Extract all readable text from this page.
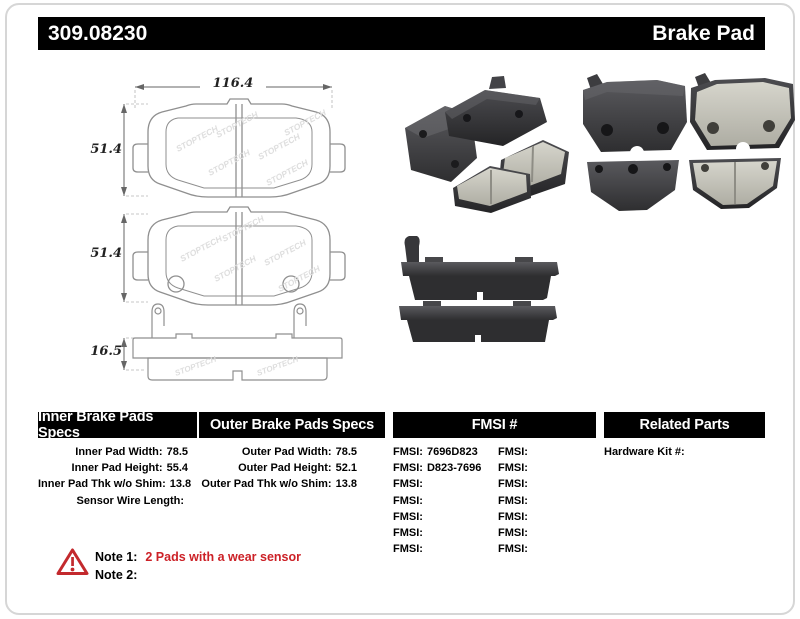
309.08230	Brake Pad
STOPTECH
STOPTECH
STOPTECH
STOPTECH
STOPTECH
STOPTECH
STOPTECH
STOPTECH
STOPTECH
STOPTECH
STOPTECH
STOPTECH	STOPTECH
116.4
51.4
51.4
16.5
Inner Brake Pads Specs	Outer Brake Pads Specs	FMSI #	Related Parts
Inner Pad Width: 78.5
Inner Pad Height: 55.4
Inner Pad Thk w/o Shim: 13.8
Sensor Wire Length:
Outer Pad Width: 78.5
Outer Pad Height: 52.1
Outer Pad Thk w/o Shim: 13.8
FMSI: 7696D823
FMSI: D823-7696
FMSI:
FMSI:
FMSI:
FMSI:
FMSI:
FMSI:
FMSI:
FMSI:
FMSI:
FMSI:
FMSI:
FMSI:
Hardware Kit #:
Note 1: 2 Pads with a wear sensor
Note 2:
